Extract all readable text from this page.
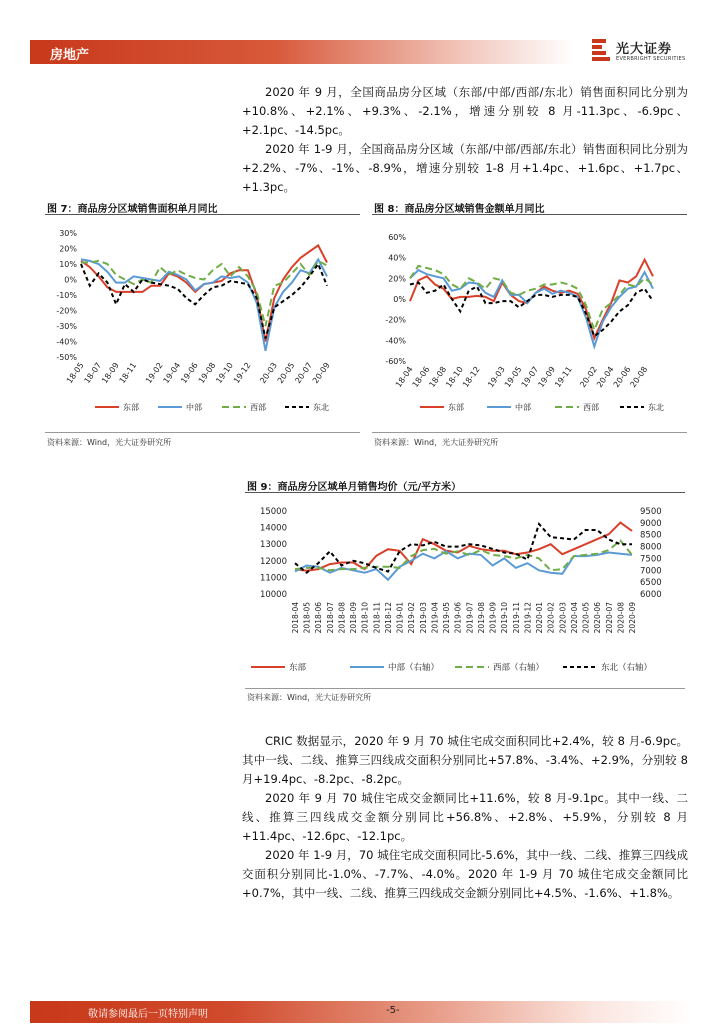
房地产	光大证券
EVERBRIGHT SECURITIES

2020 年 9 月，全国商品房分区域（东部/中部/西部/东北）销售面积同比分别为+10.8%、+2.1%、+9.3%、-2.1%，增速分别较 8 月-11.3pc、-6.9pc、+2.1pc、-14.5pc。

2020 年 1-9 月，全国商品房分区域（东部/中部/西部/东北）销售面积同比分别为+2.2%、-7%、-1%、-8.9%，增速分别较 1-8 月+1.4pc、+1.6pc、+1.7pc、+1.3pc。

图 7：商品房分区域销售面积单月同比
30%
20%
10%
0%
-10%
-20%
-30%
-40%
-50%
18-05
18-07
18-09
18-11 19-02
19-04
19-06
19-08
19-10
19-12 20-03
20-05
20-07
20-09
东部	中部	西部	东北
资料来源：Wind，光大证券研究所
图 8：商品房分区域销售金额单月同比
60%
40%
20%
0%
-20%
-40%
-60%
18-04
18-06
18-08
18-10
18-12 19-03
19-05
19-07
19-09
19-11 20-02
20-04
20-06
20-08
东部	中部	西部	东北
资料来源：Wind，光大证券研究所
图 9：商品房分区域单月销售均价（元/平方米）
15000
14000
13000
12000
11000
10000
9500
9000
8500
8000
7500
7000
6500
6000
2018-04 2018-05 2018-06 2018-07 2018-08 2018-09 2018-10 2018-11 2018-12 2019-01 2019-02 2019-03 2019-04 2019-05 2019-06 2019-07 2019-08 2019-09 2019-10 2019-11 2019-12 2020-01 2020-02 2020-03 2020-04 2020-05 2020-06 2020-07 2020-08 2020-09
东部	中部（右轴）	西部（右轴）	东北（右轴）
资料来源：Wind，光大证券研究所

CRIC 数据显示，2020 年 9 月 70 城住宅成交面积同比+2.4%，较 8 月-6.9pc。其中一线、二线、推算三四线成交面积分别同比+57.8%、-3.4%、+2.9%，分别较 8 月+19.4pc、-8.2pc、-8.2pc。

2020 年 9 月 70 城住宅成交金额同比+11.6%，较 8 月-9.1pc。其中一线、二线、推算三四线成交金额分别同比+56.8%、+2.8%、+5.9%，分别较 8 月+11.4pc、-12.6pc、-12.1pc。

2020 年 1-9 月，70 城住宅成交面积同比-5.6%，其中一线、二线、推算三四线成交面积分别同比-1.0%、-7.7%、-4.0%。2020 年 1-9 月 70 城住宅成交金额同比+0.7%，其中一线、二线、推算三四线成交金额分别同比+4.5%、-1.6%、+1.8%。

敬请参阅最后一页特别声明	-5-
